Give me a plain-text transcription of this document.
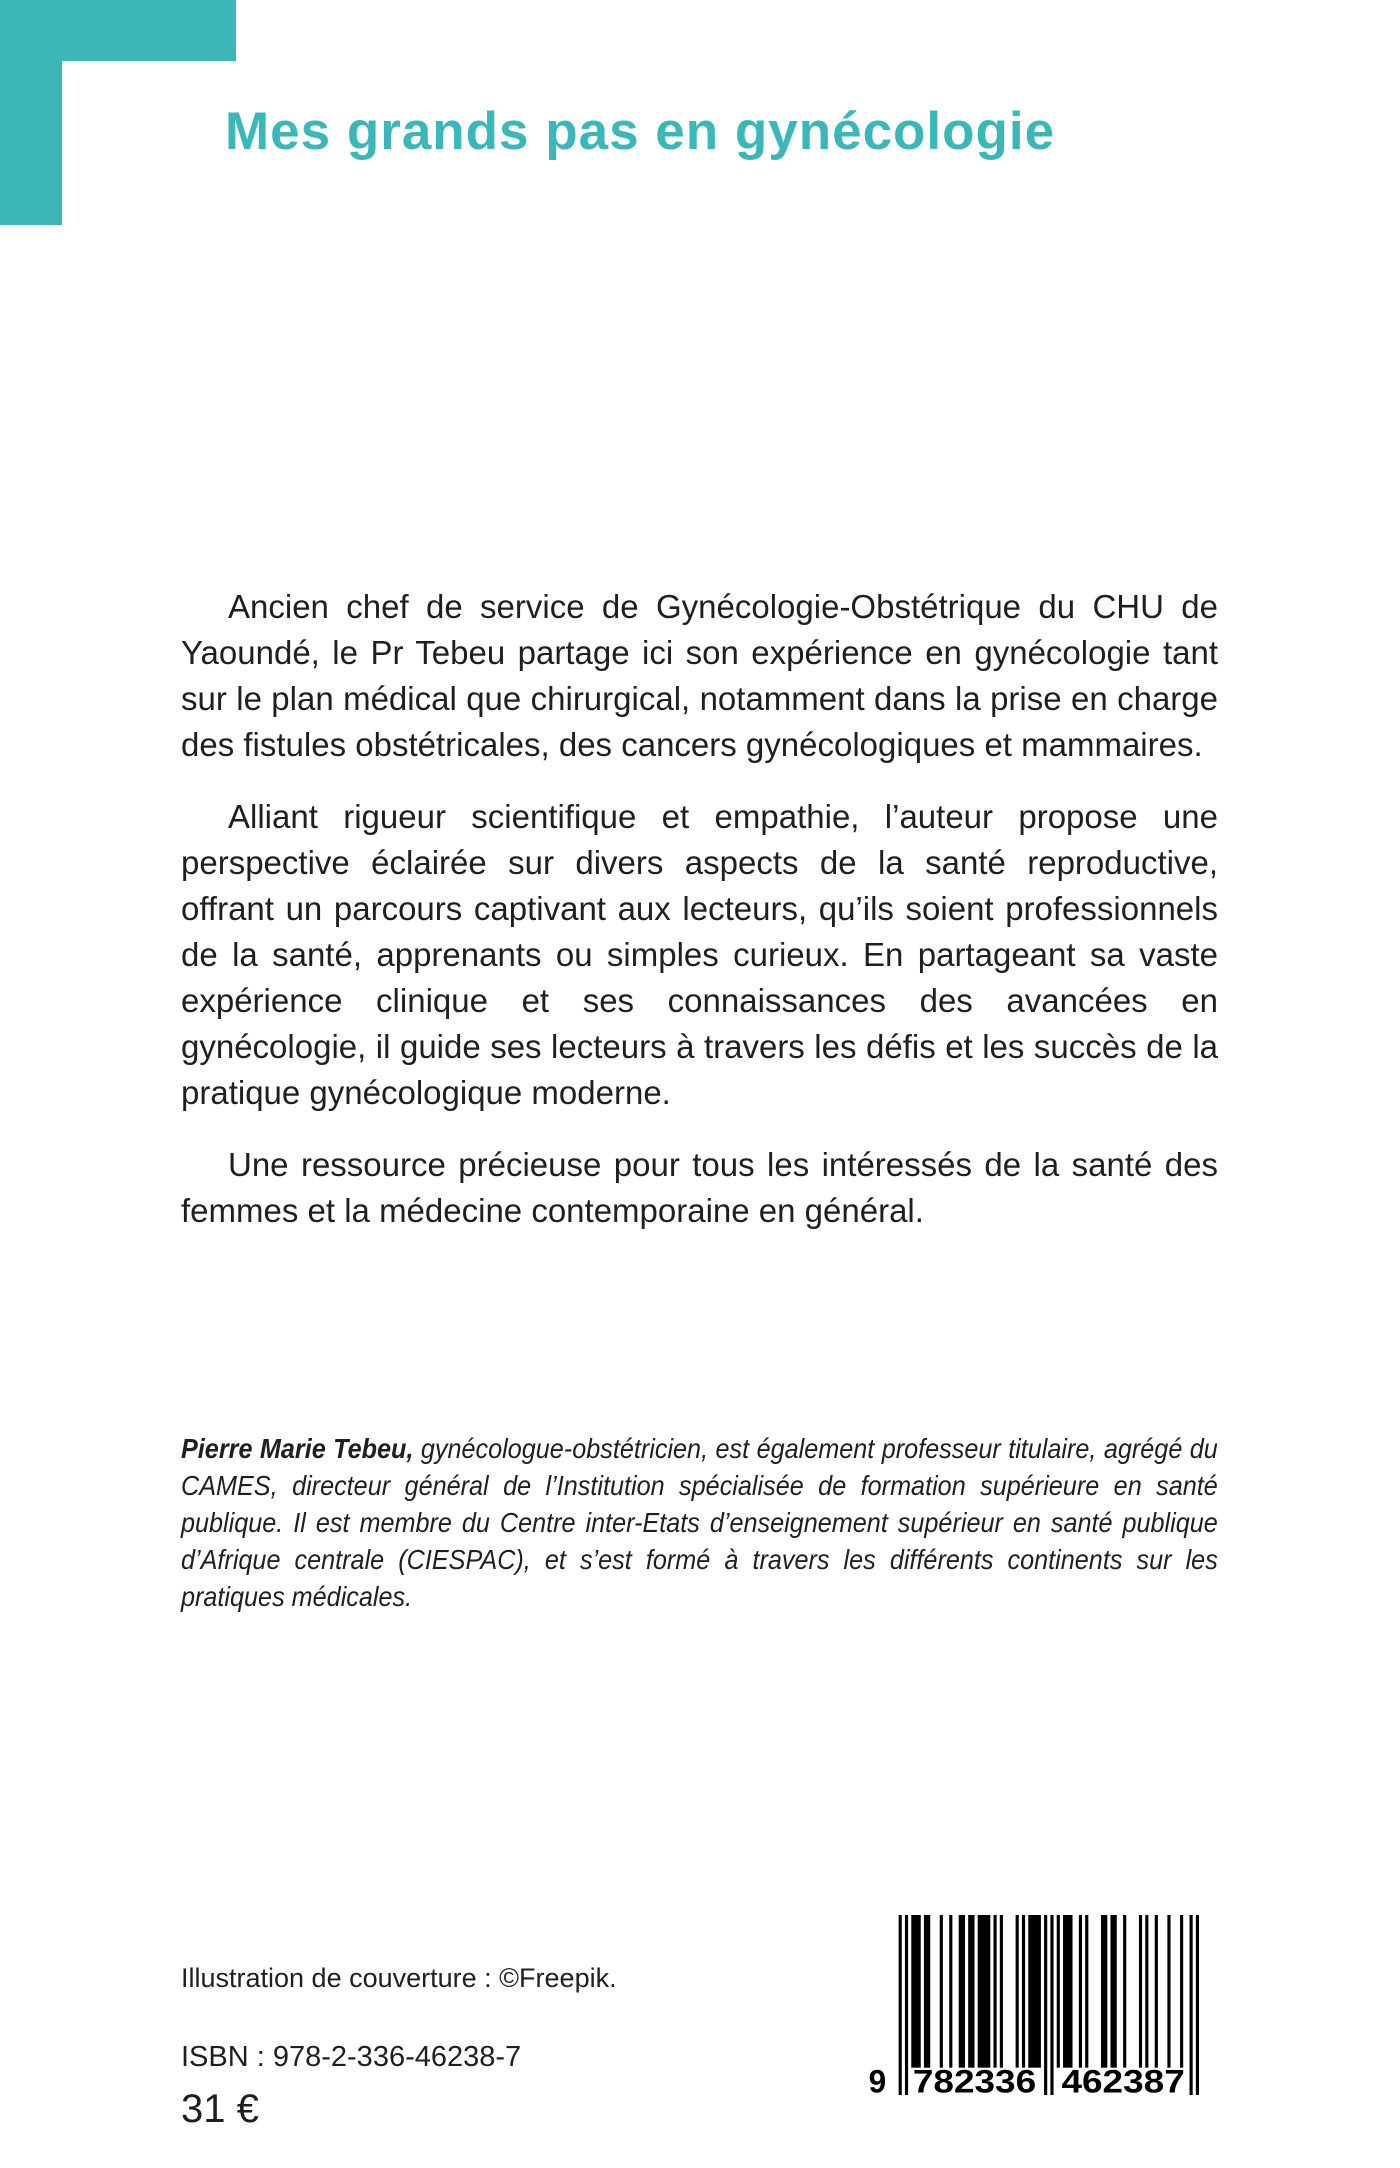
Mes grands pas en gynécologie

Ancien chef de service de Gynécologie-Obstétrique du CHU de Yaoundé, le Pr Tebeu partage ici son expérience en gynécologie tant sur le plan médical que chirurgical, notamment dans la prise en charge des fistules obstétricales, des cancers gynécologiques et mammaires.

Alliant rigueur scientifique et empathie, l’auteur propose une perspective éclairée sur divers aspects de la santé reproductive, offrant un parcours captivant aux lecteurs, qu’ils soient professionnels de la santé, apprenants ou simples curieux. En partageant sa vaste expérience clinique et ses connaissances des avancées en gynécologie, il guide ses lecteurs à travers les défis et les succès de la pratique gynécologique moderne.

Une ressource précieuse pour tous les intéressés de la santé des femmes et la médecine contemporaine en général.

Pierre Marie Tebeu, gynécologue-obstétricien, est également professeur titulaire, agrégé du CAMES, directeur général de l’Institution spécialisée de formation supérieure en santé publique. Il est membre du Centre inter-Etats d’enseignement supérieur en santé publique d’Afrique centrale (CIESPAC), et s’est formé à travers les différents continents sur les pratiques médicales.

Illustration de couverture : ©Freepik.

ISBN : 978-2-336-46238-7

31 €

9	782336	462387
